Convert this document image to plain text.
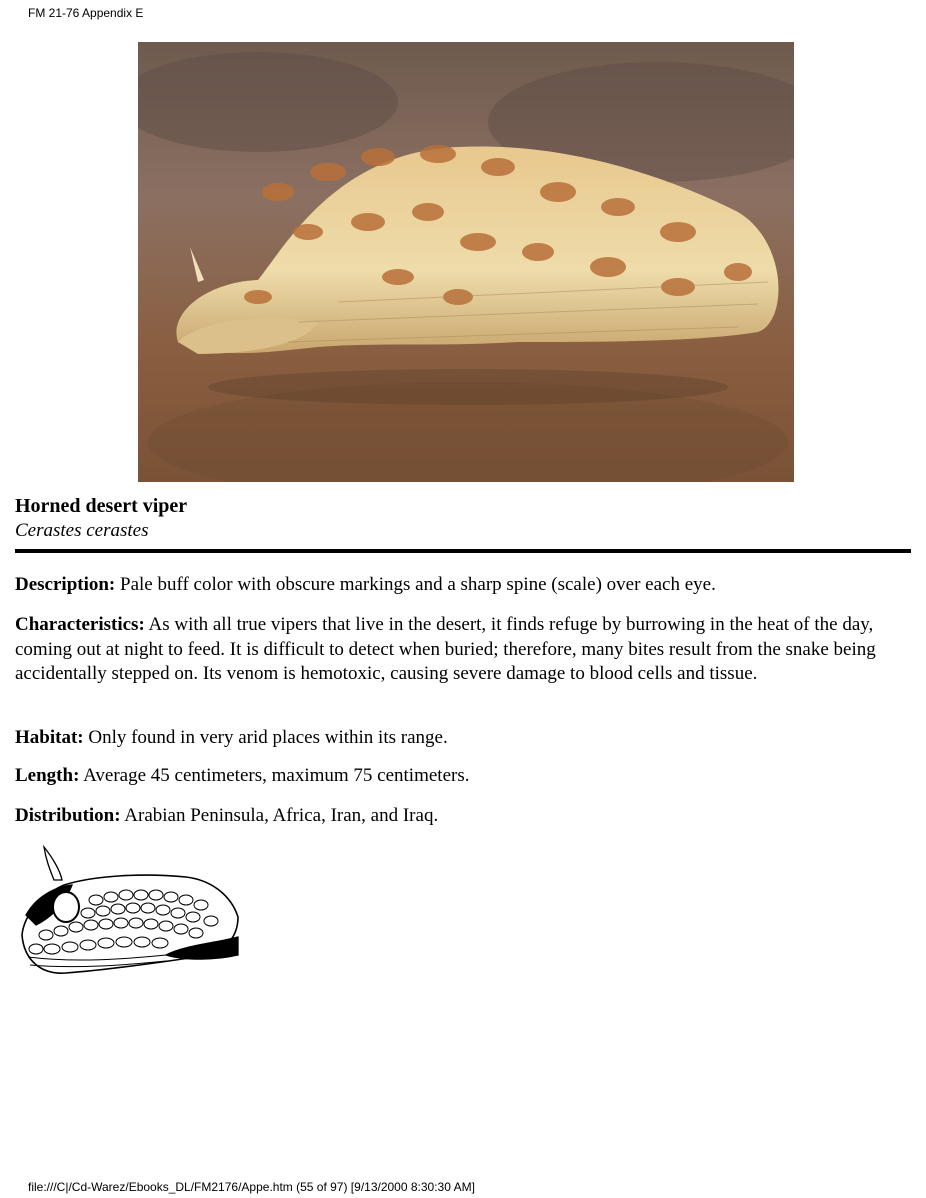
FM 21-76 Appendix E
Horned desert viper
Cerastes cerastes

Description: Pale buff color with obscure markings and a sharp spine (scale) over each eye.

Characteristics: As with all true vipers that live in the desert, it finds refuge by burrowing in the heat of the day, coming out at night to feed. It is difficult to detect when buried; therefore, many bites result from the snake being accidentally stepped on. Its venom is hemotoxic, causing severe damage to blood cells and tissue.

Habitat: Only found in very arid places within its range.

Length: Average 45 centimeters, maximum 75 centimeters.

Distribution: Arabian Peninsula, Africa, Iran, and Iraq.

file:///C|/Cd-Warez/Ebooks_DL/FM2176/Appe.htm (55 of 97) [9/13/2000 8:30:30 AM]
